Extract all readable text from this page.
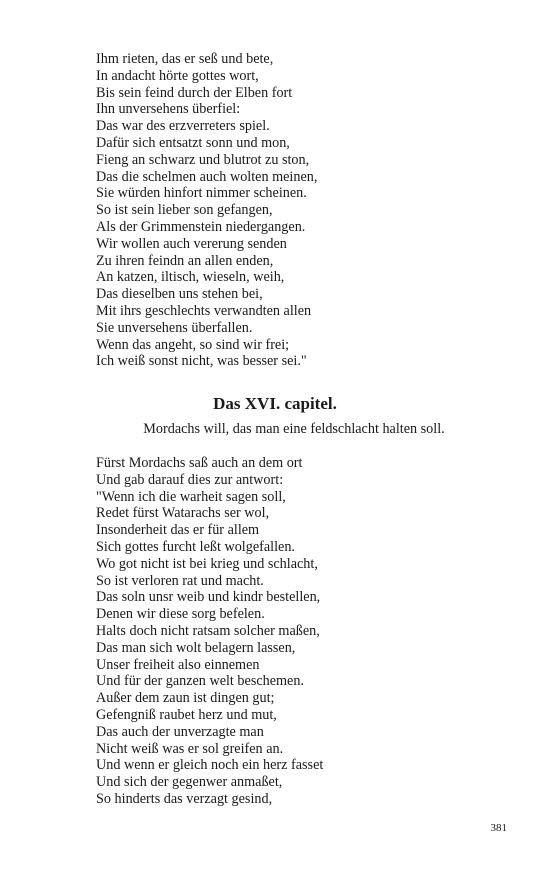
Ihm rieten, das er seß und bete,
In andacht hörte gottes wort,
Bis sein feind durch der Elben fort
Ihn unversehens überfiel:
Das war des erzverreters spiel.
Dafür sich entsatzt sonn und mon,
Fieng an schwarz und blutrot zu ston,
Das die schelmen auch wolten meinen,
Sie würden hinfort nimmer scheinen.
So ist sein lieber son gefangen,
Als der Grimmenstein niedergangen.
Wir wollen auch vererung senden
Zu ihren feindn an allen enden,
An katzen, iltisch, wieseln, weih,
Das dieselben uns stehen bei,
Mit ihrs geschlechts verwandten allen
Sie unversehens überfallen.
Wenn das angeht, so sind wir frei;
Ich weiß sonst nicht, was besser sei."
Das XVI. capitel.
Mordachs will, das man eine feldschlacht halten soll.
Fürst Mordachs saß auch an dem ort
Und gab darauf dies zur antwort:
"Wenn ich die warheit sagen soll,
Redet fürst Watarachs ser wol,
Insonderheit das er für allem
Sich gottes furcht leßt wolgefallen.
Wo got nicht ist bei krieg und schlacht,
So ist verloren rat und macht.
Das soln unsr weib und kindr bestellen,
Denen wir diese sorg befelen.
Halts doch nicht ratsam solcher maßen,
Das man sich wolt belagern lassen,
Unser freiheit also einnemen
Und für der ganzen welt beschemen.
Außer dem zaun ist dingen gut;
Gefengniß raubet herz und mut,
Das auch der unverzagte man
Nicht weiß was er sol greifen an.
Und wenn er gleich noch ein herz fasset
Und sich der gegenwer anmaßet,
So hinderts das verzagt gesind,
381
